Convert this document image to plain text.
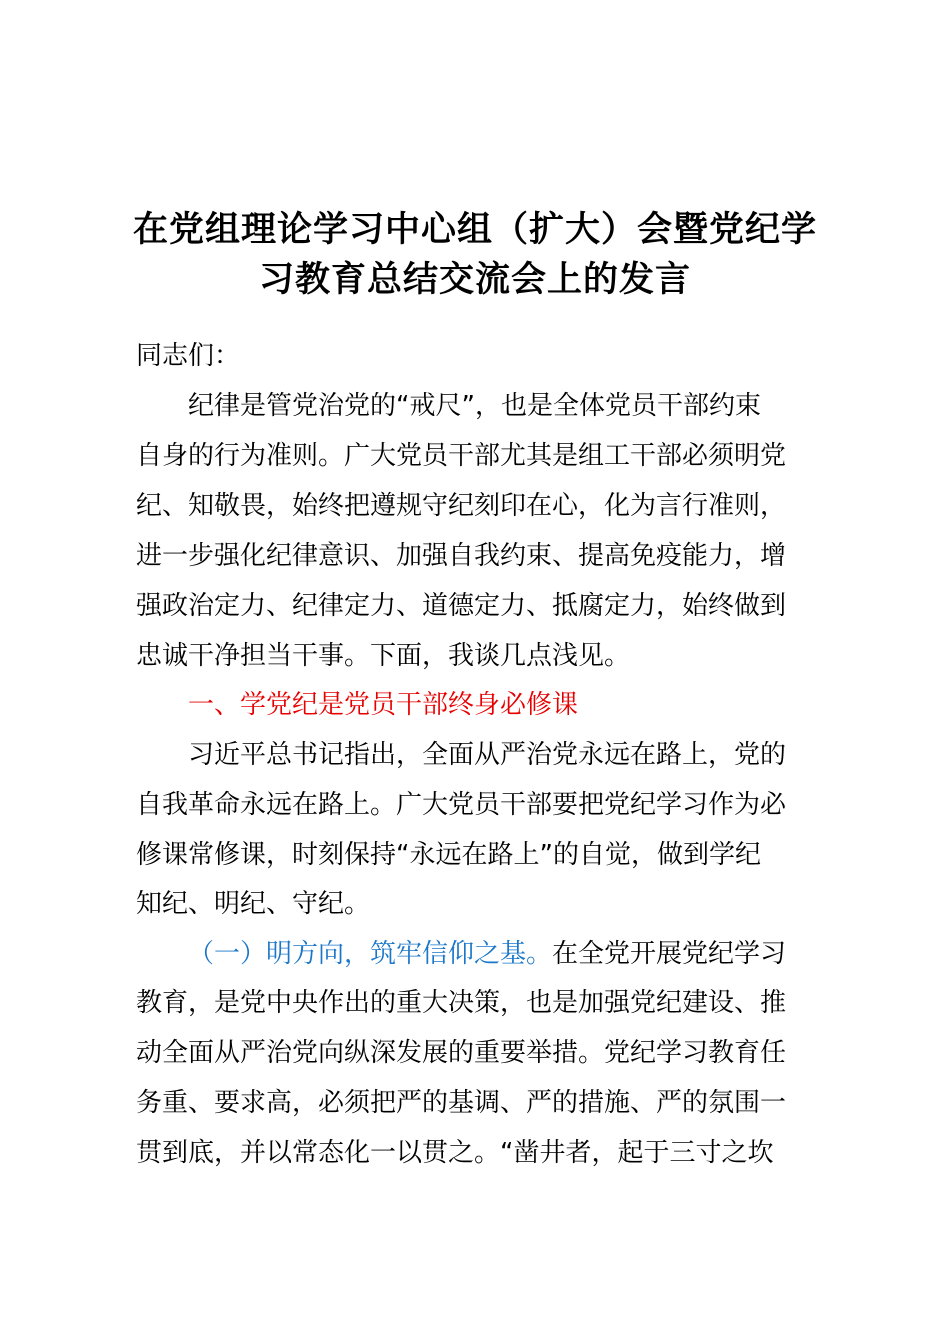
在党组理论学习中心组（扩大）会暨党纪学
习教育总结交流会上的发言
同志们：
纪律是管党治党的“戒尺”，也是全体党员干部约束
自身的行为准则。广大党员干部尤其是组工干部必须明党
纪、知敬畏，始终把遵规守纪刻印在心，化为言行准则，
进一步强化纪律意识、加强自我约束、提高免疫能力，增
强政治定力、纪律定力、道德定力、抵腐定力，始终做到
忠诚干净担当干事。下面，我谈几点浅见。
一、学党纪是党员干部终身必修课
习近平总书记指出，全面从严治党永远在路上，党的
自我革命永远在路上。广大党员干部要把党纪学习作为必
修课常修课，时刻保持“永远在路上”的自觉，做到学纪
知纪、明纪、守纪。
（一）明方向，筑牢信仰之基。在全党开展党纪学习
教育，是党中央作出的重大决策，也是加强党纪建设、推
动全面从严治党向纵深发展的重要举措。党纪学习教育任
务重、要求高，必须把严的基调、严的措施、严的氛围一
贯到底，并以常态化一以贯之。“凿井者，起于三寸之坎
